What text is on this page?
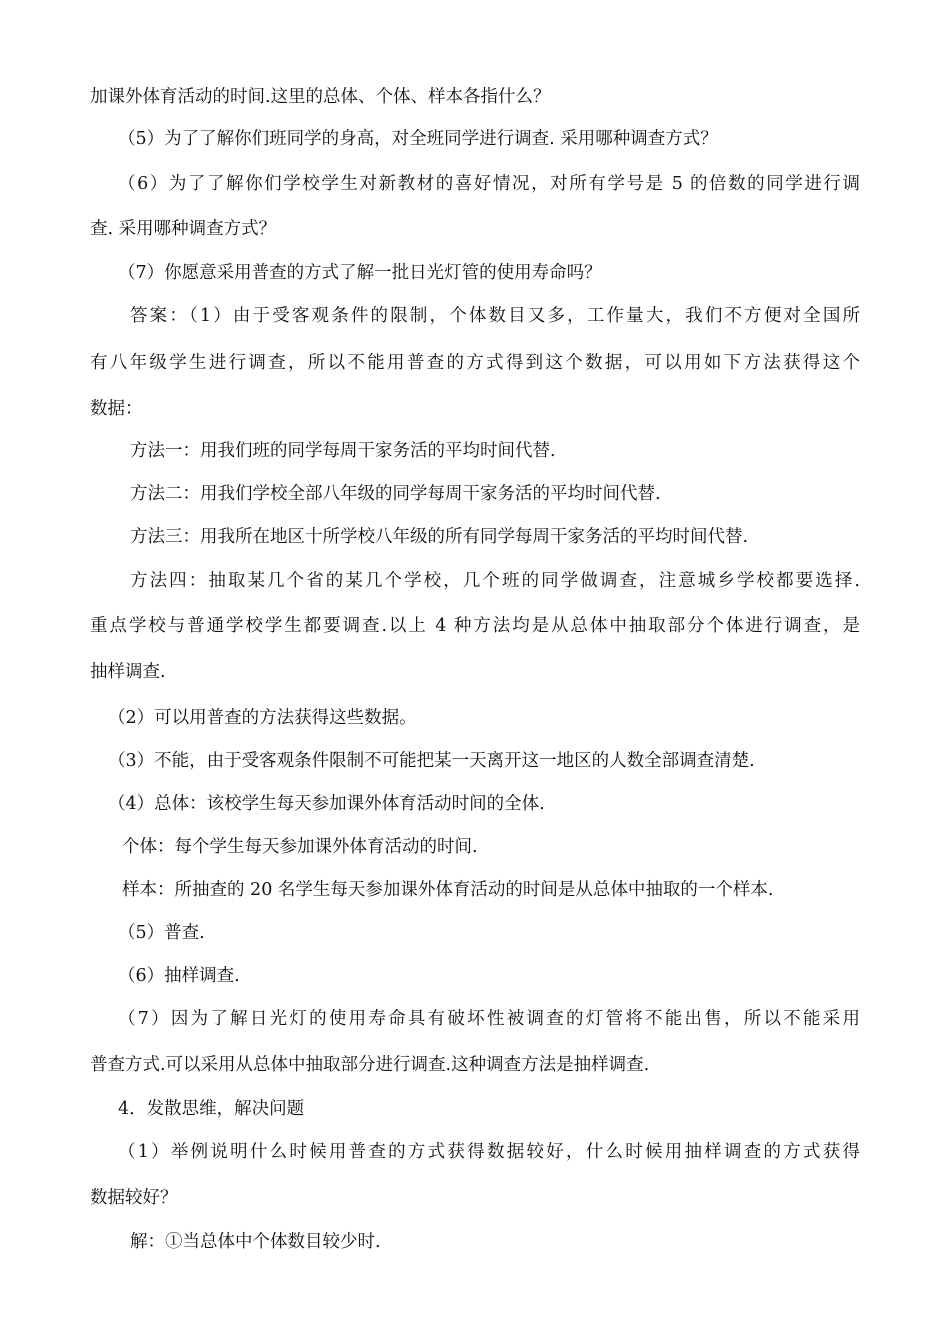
加课外体育活动的时间.这里的总体、个体、样本各指什么？
（5）为了了解你们班同学的身高，对全班同学进行调查. 采用哪种调查方式？
（6）为了了解你们学校学生对新教材的喜好情况，对所有学号是 5 的倍数的同学进行调
查. 采用哪种调查方式？
（7）你愿意采用普查的方式了解一批日光灯管的使用寿命吗？
答案：（1）由于受客观条件的限制，个体数目又多，工作量大，我们不方便对全国所
有八年级学生进行调查，所以不能用普查的方式得到这个数据，可以用如下方法获得这个
数据：
方法一：用我们班的同学每周干家务活的平均时间代替.
方法二：用我们学校全部八年级的同学每周干家务活的平均时间代替.
方法三：用我所在地区十所学校八年级的所有同学每周干家务活的平均时间代替.
方法四：抽取某几个省的某几个学校，几个班的同学做调查，注意城乡学校都要选择.
重点学校与普通学校学生都要调查.以上 4 种方法均是从总体中抽取部分个体进行调查，是
抽样调查.
（2）可以用普查的方法获得这些数据。
（3）不能，由于受客观条件限制不可能把某一天离开这一地区的人数全部调查清楚.
（4）总体：该校学生每天参加课外体育活动时间的全体.
个体：每个学生每天参加课外体育活动的时间.
样本：所抽查的 20 名学生每天参加课外体育活动的时间是从总体中抽取的一个样本.
（5）普查.
（6）抽样调查.
（7）因为了解日光灯的使用寿命具有破坏性被调查的灯管将不能出售，所以不能采用
普查方式.可以采用从总体中抽取部分进行调查.这种调查方法是抽样调查.
4．发散思维，解决问题
（1）举例说明什么时候用普查的方式获得数据较好，什么时候用抽样调查的方式获得
数据较好？
解：①当总体中个体数目较少时.
